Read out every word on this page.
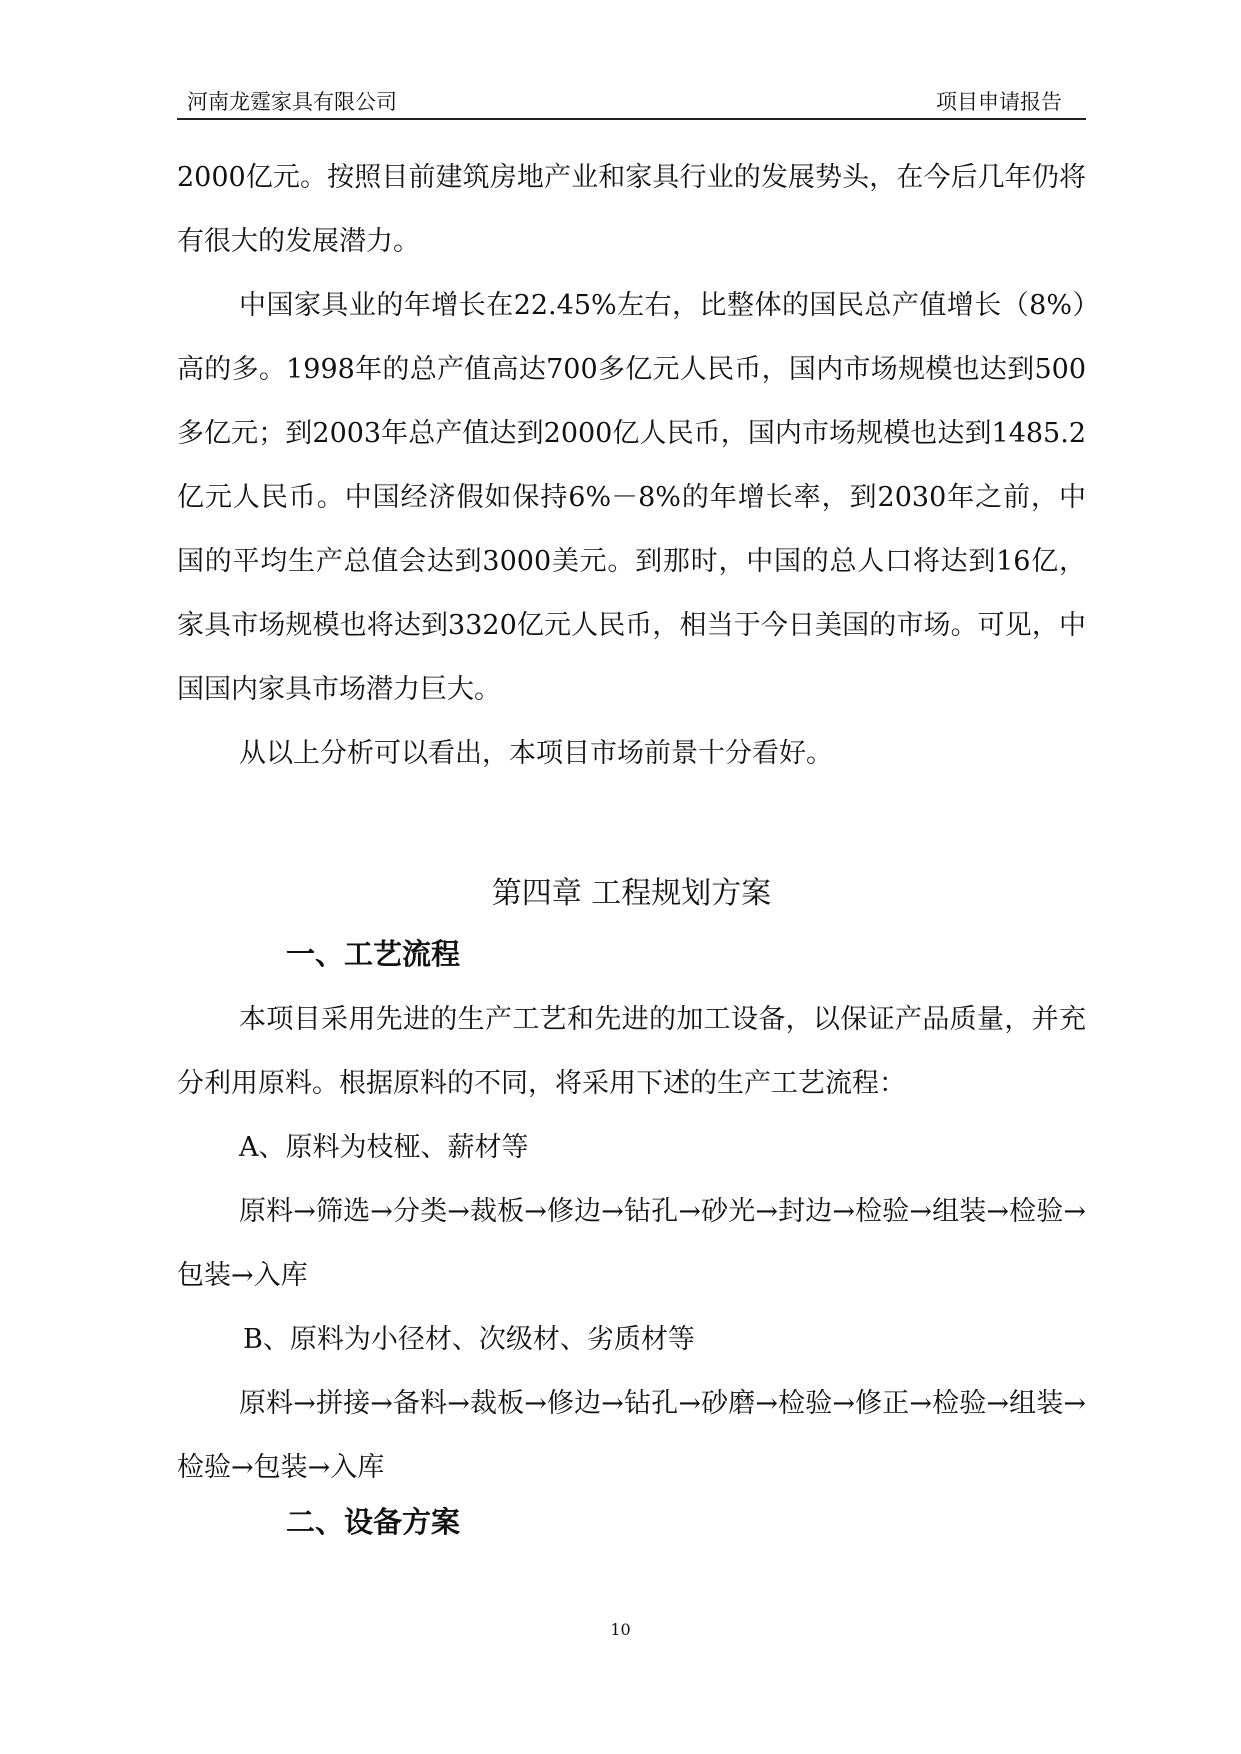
河南龙霆家具有限公司	项目申请报告

2000亿元。按照目前建筑房地产业和家具行业的发展势头，在今后几年仍将有很大的发展潜力。

中国家具业的年增长在22.45%左右，比整体的国民总产值增长（8%）高的多。1998年的总产值高达700多亿元人民币，国内市场规模也达到500多亿元；到2003年总产值达到2000亿人民币，国内市场规模也达到1485.2亿元人民币。中国经济假如保持6%－8%的年增长率，到2030年之前，中国的平均生产总值会达到3000美元。到那时，中国的总人口将达到16亿，家具市场规模也将达到3320亿元人民币，相当于今日美国的市场。可见，中国国内家具市场潜力巨大。

从以上分析可以看出，本项目市场前景十分看好。

第四章 工程规划方案
一、工艺流程

本项目采用先进的生产工艺和先进的加工设备，以保证产品质量，并充分利用原料。根据原料的不同，将采用下述的生产工艺流程：

A、原料为枝桠、薪材等

原料→筛选→分类→裁板→修边→钻孔→砂光→封边→检验→组装→检验→包装→入库

B、原料为小径材、次级材、劣质材等

原料→拼接→备料→裁板→修边→钻孔→砂磨→检验→修正→检验→组装→检验→包装→入库

二、设备方案
10
